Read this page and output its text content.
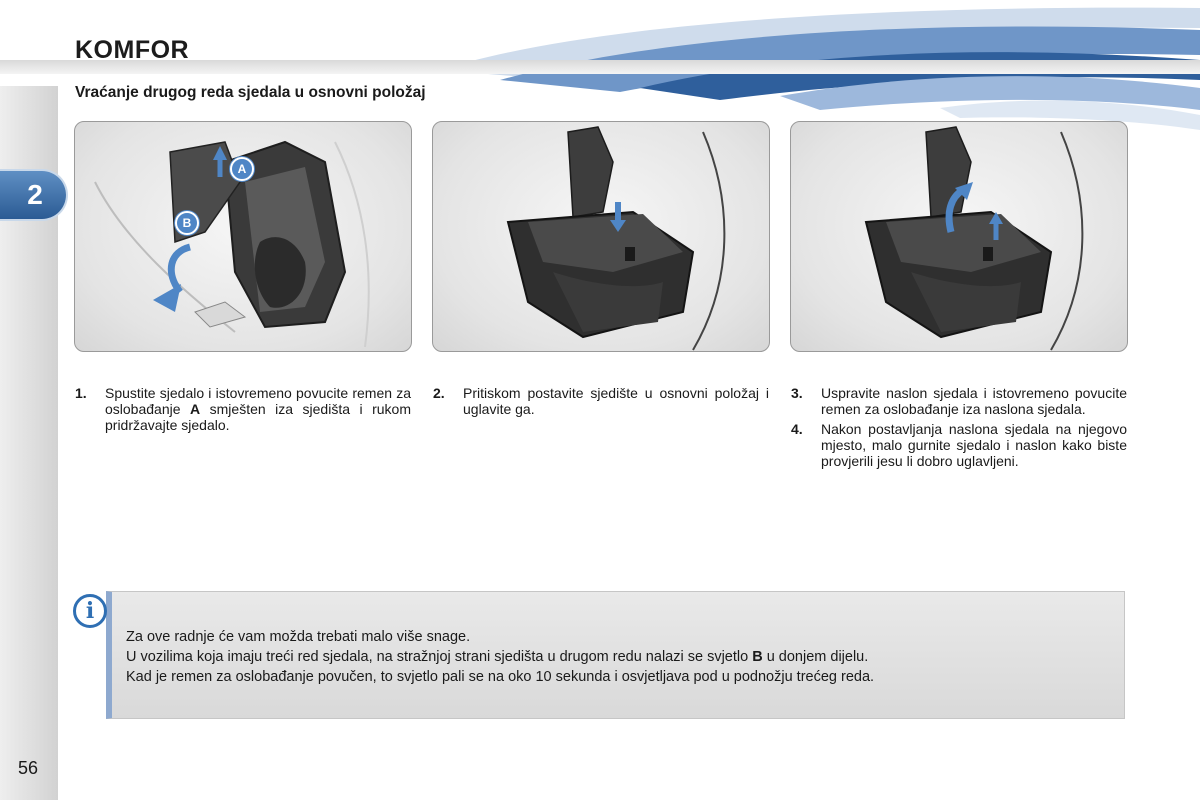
KOMFOR
2
Vraćanje drugog reda sjedala u osnovni položaj
A
B
1.	Spustite sjedalo i istovremeno povucite remen za oslobađanje A smješten iza sjedišta i rukom pridržavajte sjedalo.
2.	Pritiskom postavite sjedište u osnovni položaj i uglavite ga.
3.	Uspravite naslon sjedala i istovremeno povucite remen za oslobađanje iza naslona sjedala.
4.	Nakon postavljanja naslona sjedala na njegovo mjesto, malo gurnite sjedalo i naslon kako biste provjerili jesu li dobro uglavljeni.
i
Za ove radnje će vam možda trebati malo više snage.
U vozilima koja imaju treći red sjedala, na stražnjoj strani sjedišta u drugom redu nalazi se svjetlo B u donjem dijelu.
Kad je remen za oslobađanje povučen, to svjetlo pali se na oko 10 sekunda i osvjetljava pod u podnožju trećeg reda.
56
